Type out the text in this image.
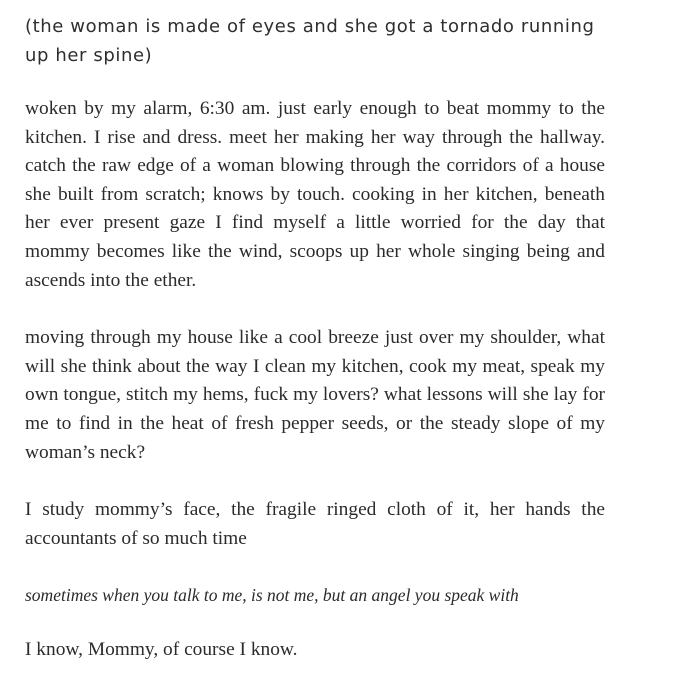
(the woman is made of eyes and she got a tornado running up her spine)

woken by my alarm, 6:30 am. just early enough to beat mommy to the kitchen. I rise and dress. meet her making her way through the hallway. catch the raw edge of a woman blowing through the corridors of a house she built from scratch; knows by touch. cooking in her kitchen, beneath her ever present gaze I find myself a little worried for the day that mommy becomes like the wind, scoops up her whole singing being and ascends into the ether.

moving through my house like a cool breeze just over my shoulder, what will she think about the way I clean my kitchen, cook my meat, speak my own tongue, stitch my hems, fuck my lovers? what lessons will she lay for me to find in the heat of fresh pepper seeds, or the steady slope of my woman’s neck?

I study mommy’s face, the fragile ringed cloth of it, her hands the accountants of so much time

sometimes when you talk to me, is not me, but an angel you speak with

I know, Mommy, of course I know.
